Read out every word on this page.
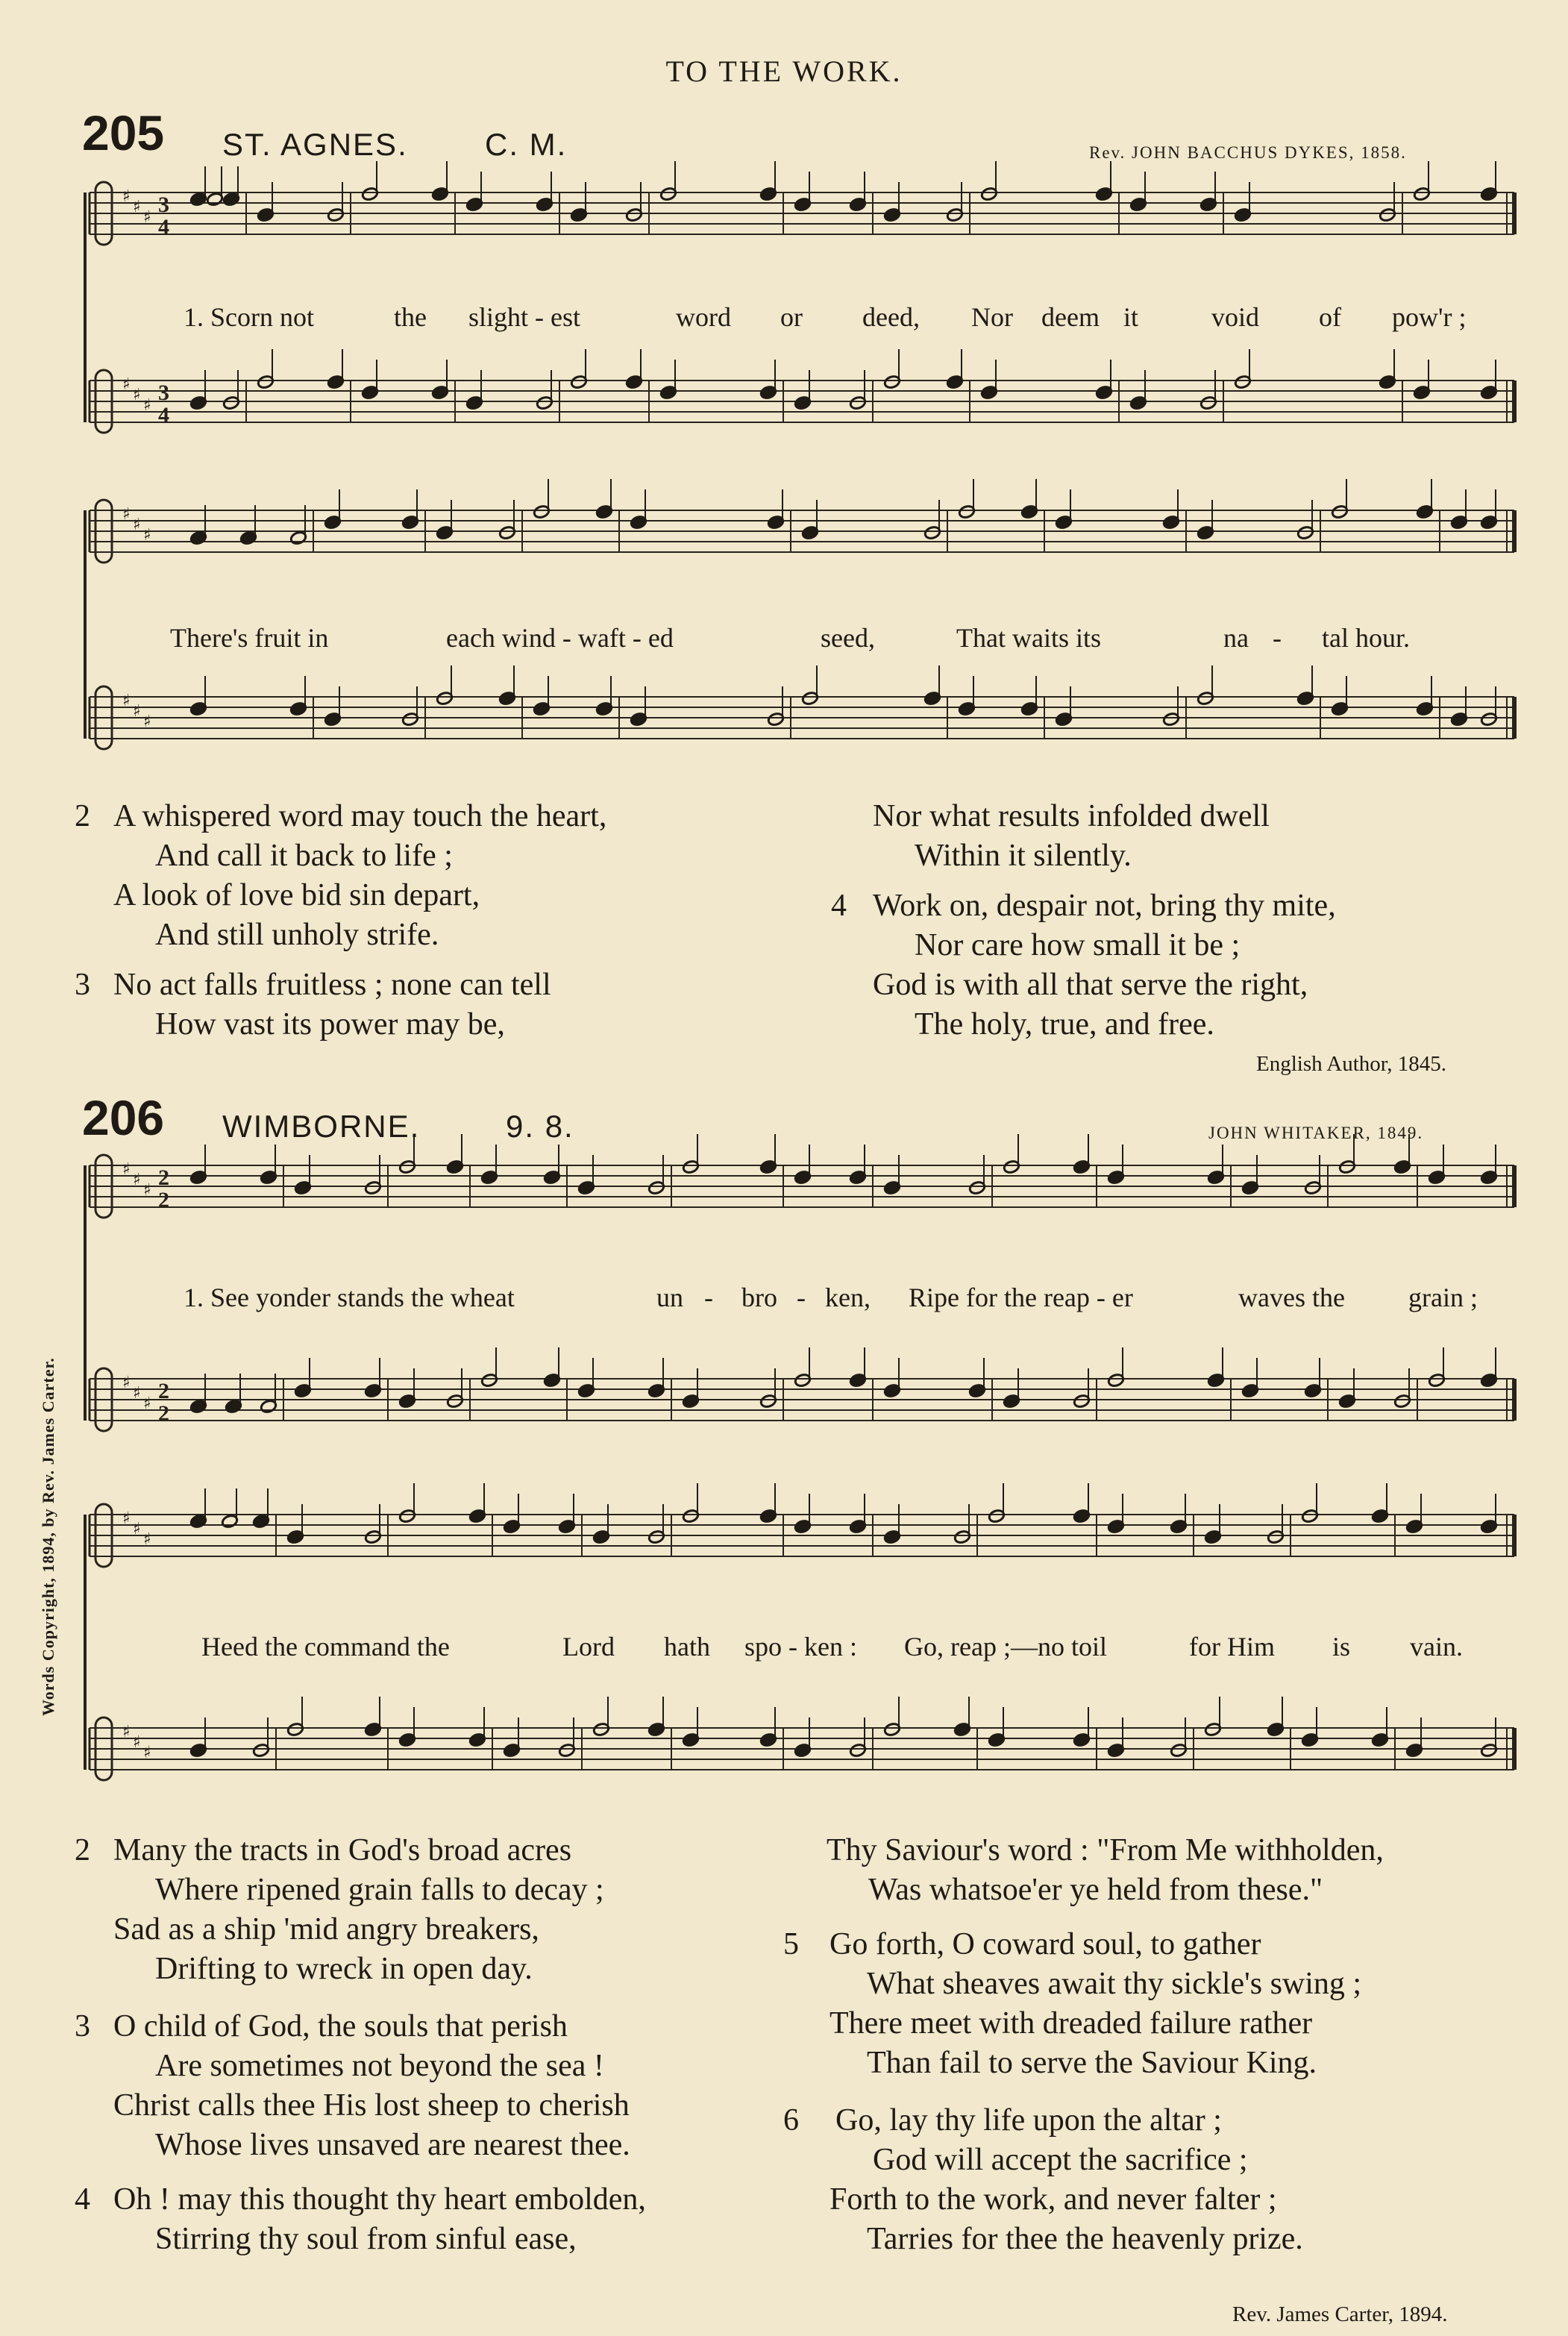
TO THE WORK.
205 ST. AGNES. C. M.	Rev. JOHN BACCHUS DYKES, 1858.
♯
♯
♯
3
4
♯
♯
♯
3
4
♯
♯
♯
♯
♯
♯
♯
♯
♯
2
2
♯
♯
♯
2
2
♯
♯
♯
♯
♯
♯
1. Scorn not	the slight - est	word or deed, Nor deem it	void of pow'r ;
There's fruit in	each wind - waft - ed	seed,	That waits its	na - tal hour.
2 A whispered word may touch the heart,
And call it back to life ;
A look of love bid sin depart,
And still unholy strife.
3 No act falls fruitless ; none can tell
How vast its power may be,
Nor what results infolded dwell
Within it silently.
4 Work on, despair not, bring thy mite,
Nor care how small it be ;
God is with all that serve the right,
The holy, true, and free.
English Author, 1845.
206 WIMBORNE.	9. 8.	JOHN WHITAKER, 1849.
1. See yonder stands the wheat	un - bro - ken, Ripe for the reap - er	waves the grain ;
Heed the command the	Lord hath spo - ken : Go, reap ;—no toil	for Him is vain.
2 Many the tracts in God's broad acres
Where ripened grain falls to decay ;
Sad as a ship 'mid angry breakers,
Drifting to wreck in open day.
3 O child of God, the souls that perish
Are sometimes not beyond the sea !
Christ calls thee His lost sheep to cherish
Whose lives unsaved are nearest thee.
4 Oh ! may this thought thy heart embolden,
Stirring thy soul from sinful ease,
Thy Saviour's word : "From Me withholden,
Was whatsoe'er ye held from these."
5 Go forth, O coward soul, to gather
What sheaves await thy sickle's swing ;
There meet with dreaded failure rather
Than fail to serve the Saviour King.
6	Go, lay thy life upon the altar ;
God will accept the sacrifice ;
Forth to the work, and never falter ;
Tarries for thee the heavenly prize.
Rev. James Carter, 1894.
Words Copyright, 1894, by Rev. James Carter.
